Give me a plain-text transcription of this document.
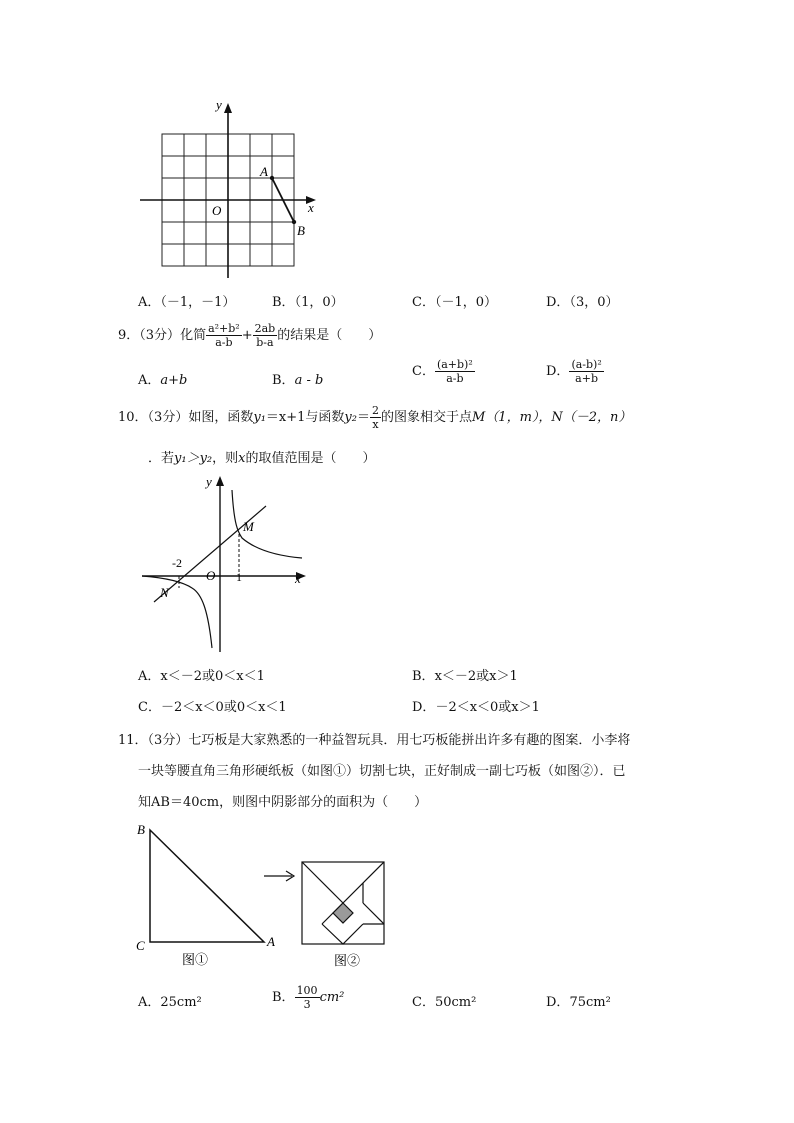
y
x
O
A
B
A．（－1，－1）	B．（1，0）	C．（－1，0）	D．（3，0）
9．（3分）化简 $\frac{\text{a²+b²}}{a-b} + \frac{2ab}{b-a}$ 的结果是（　　）
A．a+b	B．a - b
C． $\frac{\text{(a+b)²}}{a-b}$	D． $\frac{\text{(a-b)²}}{a+b}$
10．（3分）如图，函数y₁＝x+1与函数$y_2= \frac{2}{x}$ 的图象相交于点M（1，m），N（－2，n）
．若y₁＞y₂，则x的取值范围是（　　）
y
x
O
M
N
-2
1
A．x＜－2或0＜x＜1	B．x＜－2或x＞1
C．－2＜x＜0或0＜x＜1	D．－2＜x＜0或x＞1
11．（3分）七巧板是大家熟悉的一种益智玩具．用七巧板能拼出许多有趣的图案．小李将
一块等腰直角三角形硬纸板（如图①）切割七块，正好制成一副七巧板（如图②）．已
知AB＝40cm，则图中阴影部分的面积为（　　）
B
C	A
图①	图②
A．25cm²	B． $\frac{100}{3} cm^2$	C．50cm²	D．75cm²
